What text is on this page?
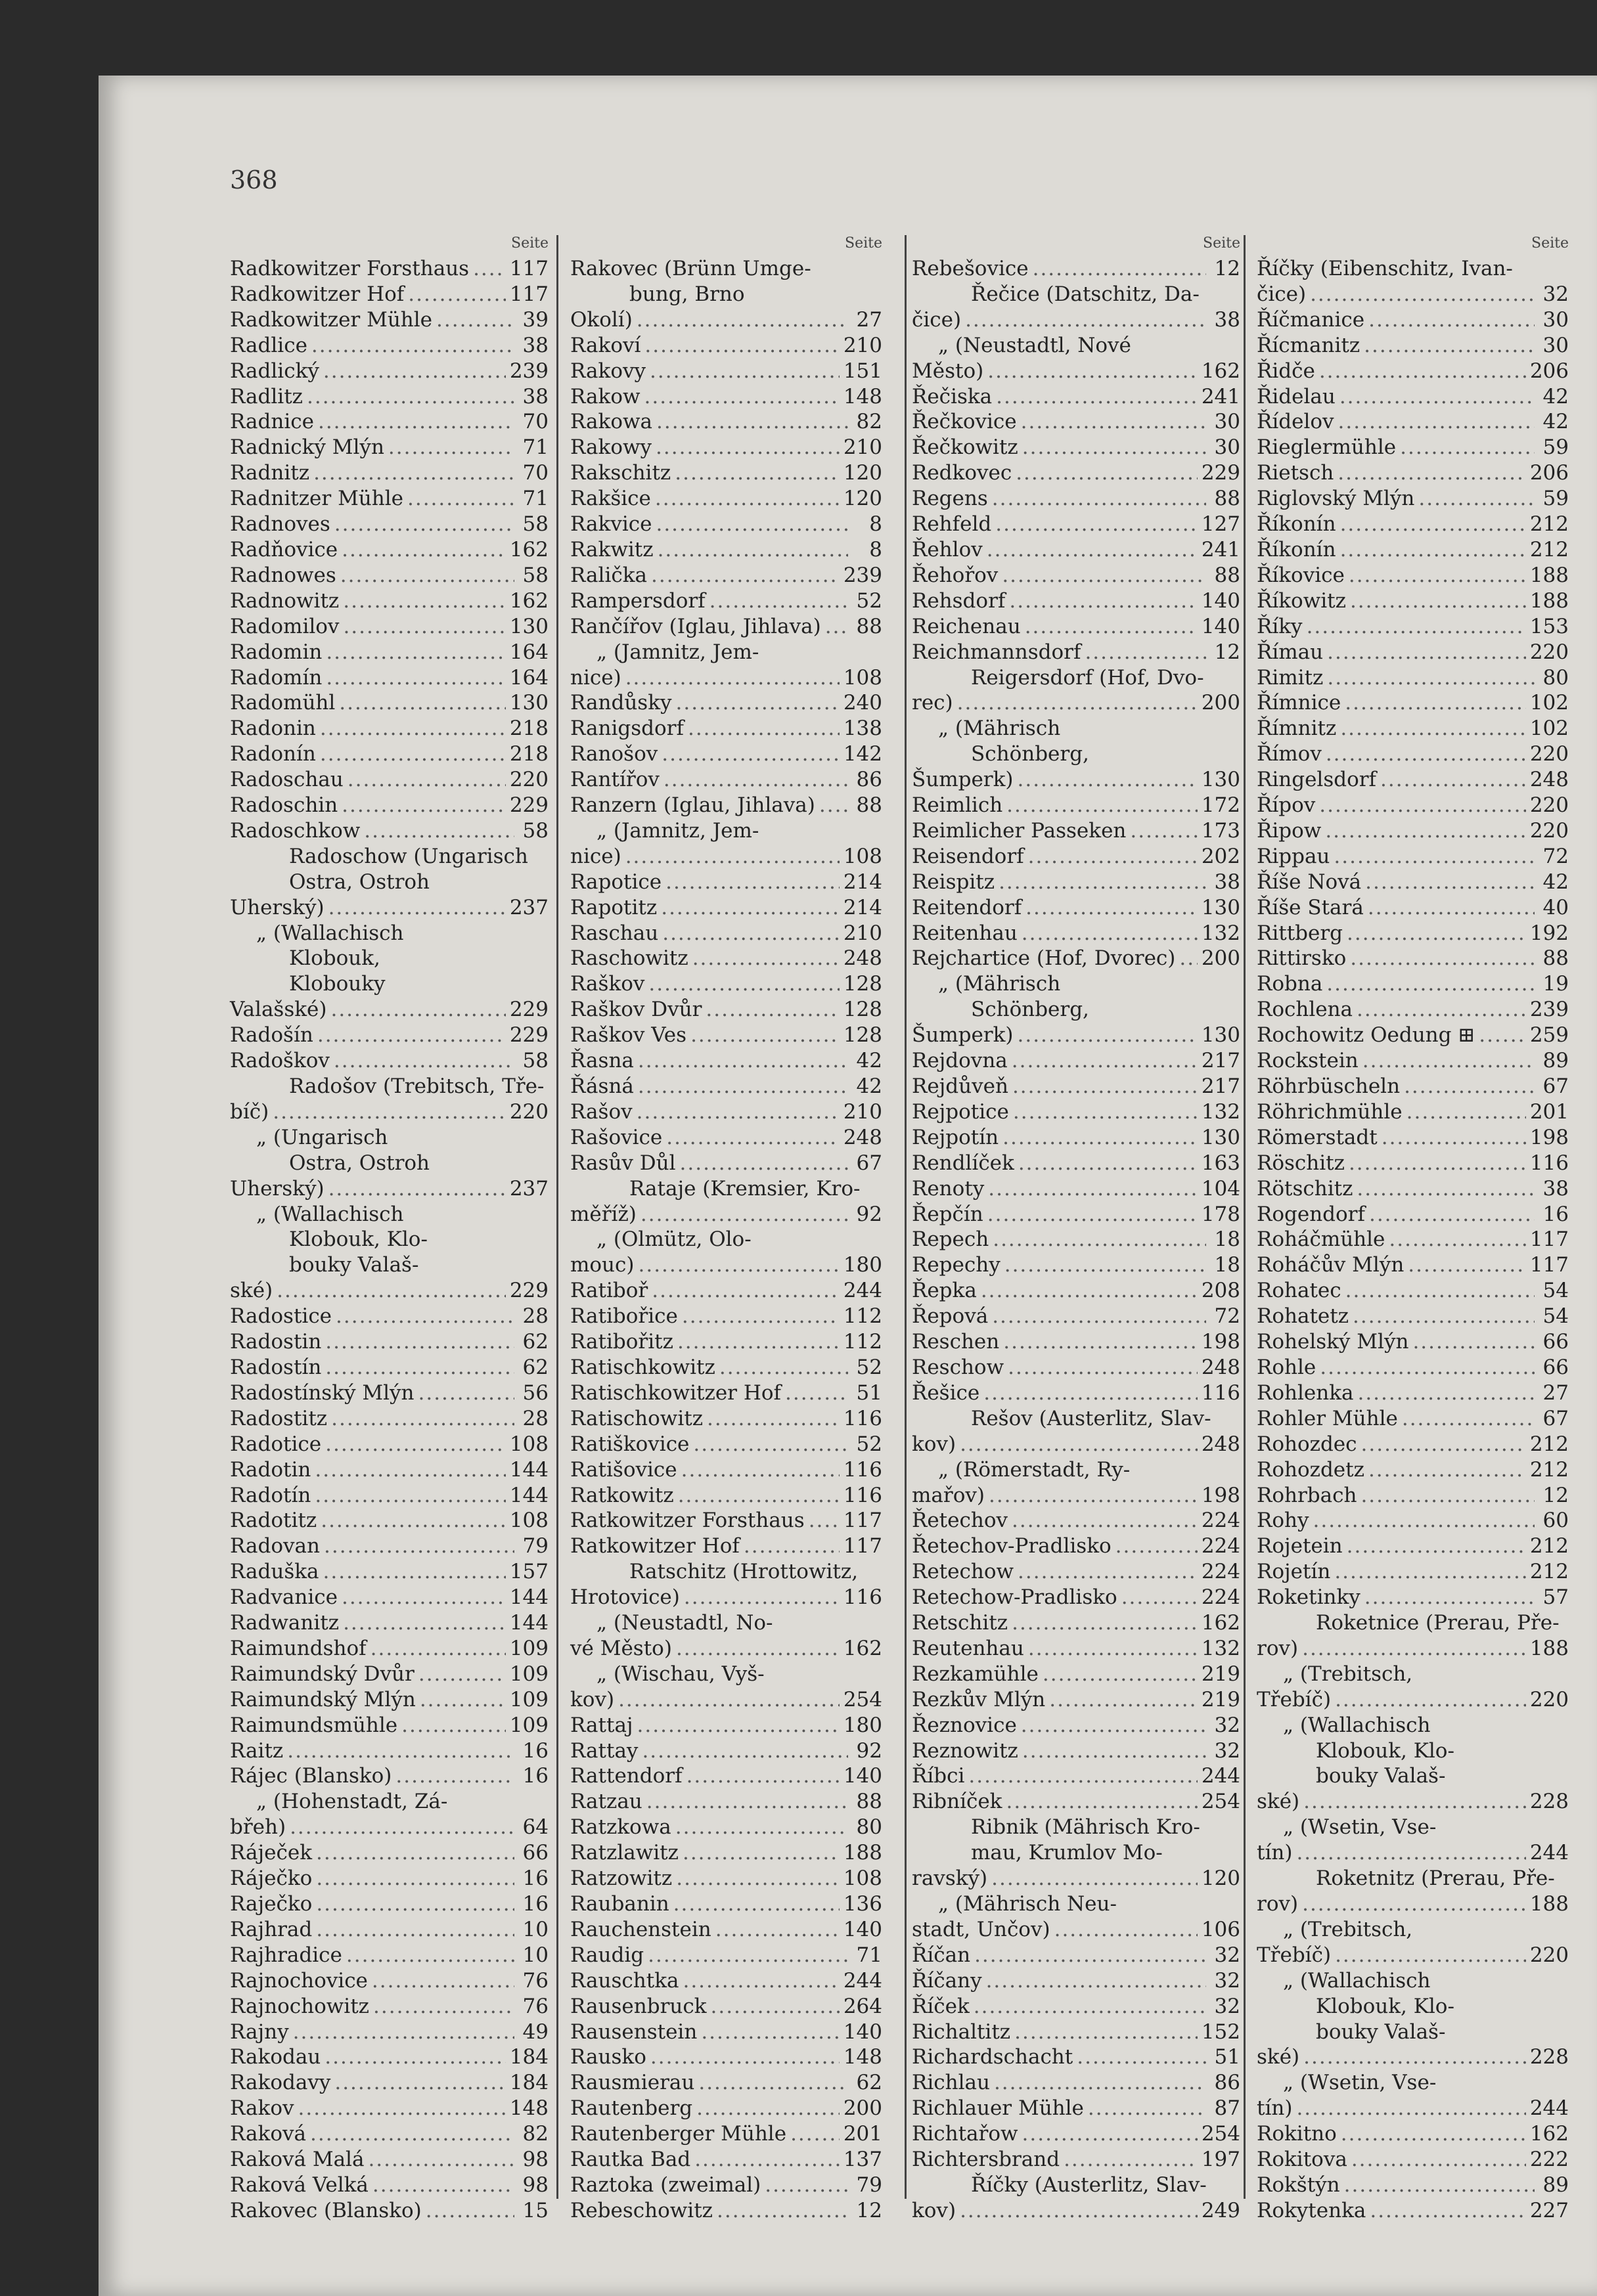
368
Seite
Radkowitzer Forsthaus ..... 117
Radkowitzer Hof .....	117
Radkowitzer Mühle .....	39
Radlice .....	38
Radlický .....	239
Radlitz .....	38
Radnice .....	70
Radnický Mlýn .....	71
Radnitz .....	70
Radnitzer Mühle .....	71
Radnoves .....	58
Radňovice .....	162
Radnowes .....	58
Radnowitz .....	162
Radomilov .....	130
Radomin .....	164
Radomín .....	164
Radomühl .....	130
Radonin .....	218
Radonín .....	218
Radoschau .....	220
Radoschin .....	229
Radoschkow .....	58
Radoschow (Ungarisch
Ostra, Ostroh
Uherský) .....	237
„ (Wallachisch
Klobouk,
Klobouky
Valašské) .....	229
Radošín .....	229
Radoškov .....	58
Radošov (Trebitsch, Tře-
bíč) .....	220
„ (Ungarisch
Ostra, Ostroh
Uherský) .....	237
„ (Wallachisch
Klobouk, Klo-
bouky Valaš-
ské) .....	229
Radostice .....	28
Radostin .....	62
Radostín .....	62
Radostínský Mlýn .....	56
Radostitz .....	28
Radotice .....	108
Radotin .....	144
Radotín .....	144
Radotitz .....	108
Radovan .....	79
Raduška .....	157
Radvanice .....	144
Radwanitz .....	144
Raimundshof .....	109
Raimundský Dvůr .....	109
Raimundský Mlýn .....	109
Raimundsmühle .....	109
Raitz .....	16
Rájec (Blansko) .....	16
„ (Hohenstadt, Zá-
břeh) .....	64
Ráječek .....	66
Ráječko .....	16
Raječko .....	16
Rajhrad .....	10
Rajhradice .....	10
Rajnochovice .....	76
Rajnochowitz .....	76
Rajny .....	49
Rakodau .....	184
Rakodavy .....	184
Rakov .....	148
Raková .....	82
Raková Malá .....	98
Raková Velká .....	98
Rakovec (Blansko) .....	15
Seite
Rakovec (Brünn Umge-
bung, Brno
Okolí) .....	27
Rakoví .....	210
Rakovy .....	151
Rakow .....	148
Rakowa .....	82
Rakowy .....	210
Rakschitz .....	120
Rakšice .....	120
Rakvice .....	8
Rakwitz .....	8
Ralička .....	239
Rampersdorf .....	52
Rančířov (Iglau, Jihlava) ..... 88
„ (Jamnitz, Jem-
nice) .....	108
Randůsky .....	240
Ranigsdorf .....	138
Ranošov .....	142
Rantířov .....	86
Ranzern (Iglau, Jihlava) ..... 88
„ (Jamnitz, Jem-
nice) .....	108
Rapotice .....	214
Rapotitz .....	214
Raschau .....	210
Raschowitz .....	248
Raškov .....	128
Raškov Dvůr .....	128
Raškov Ves .....	128
Řasna .....	42
Řásná .....	42
Rašov .....	210
Rašovice .....	248
Rasův Důl .....	67
Rataje (Kremsier, Kro-
měříž) .....	92
„ (Olmütz, Olo-
mouc) .....	180
Ratiboř .....	244
Ratibořice .....	112
Ratibořitz .....	112
Ratischkowitz .....	52
Ratischkowitzer Hof .....	51
Ratischowitz .....	116
Ratiškovice .....	52
Ratišovice .....	116
Ratkowitz .....	116
Ratkowitzer Forsthaus ..... 117
Ratkowitzer Hof .....	117
Ratschitz (Hrottowitz,
Hrotovice) .....	116
„ (Neustadtl, No-
vé Město) .....	162
„ (Wischau, Vyš-
kov) .....	254
Rattaj .....	180
Rattay .....	92
Rattendorf .....	140
Ratzau .....	88
Ratzkowa .....	80
Ratzlawitz .....	188
Ratzowitz .....	108
Raubanin .....	136
Rauchenstein .....	140
Raudig .....	71
Rauschtka .....	244
Rausenbruck .....	264
Rausenstein .....	140
Rausko .....	148
Rausmierau .....	62
Rautenberg .....	200
Rautenberger Mühle .....	201
Rautka Bad .....	137
Raztoka (zweimal) .....	79
Rebeschowitz .....	12
Seite
Rebešovice .....	12
Řečice (Datschitz, Da-
čice) .....	38
„ (Neustadtl, Nové
Město) .....	162
Řečiska .....	241
Řečkovice .....	30
Řečkowitz .....	30
Redkovec .....	229
Regens .....	88
Rehfeld .....	127
Řehlov .....	241
Řehořov .....	88
Rehsdorf .....	140
Reichenau .....	140
Reichmannsdorf .....	12
Reigersdorf (Hof, Dvo-
rec) .....	200
„ (Mährisch
Schönberg,
Šumperk) .....	130
Reimlich .....	172
Reimlicher Passeken .....	173
Reisendorf .....	202
Reispitz .....	38
Reitendorf .....	130
Reitenhau .....	132
Rejchartice (Hof, Dvorec) ..... 200
„ (Mährisch
Schönberg,
Šumperk) .....	130
Rejdovna .....	217
Rejdůveň .....	217
Rejpotice .....	132
Rejpotín .....	130
Rendlíček .....	163
Renoty .....	104
Řepčín .....	178
Repech .....	18
Repechy .....	18
Řepka .....	208
Řepová .....	72
Reschen .....	198
Reschow .....	248
Řešice .....	116
Rešov (Austerlitz, Slav-
kov) .....	248
„ (Römerstadt, Ry-
mařov) .....	198
Řetechov .....	224
Řetechov-Pradlisko .....	224
Retechow .....	224
Retechow-Pradlisko .....	224
Retschitz .....	162
Reutenhau .....	132
Rezkamühle .....	219
Rezkův Mlýn .....	219
Řeznovice .....	32
Reznowitz .....	32
Říbci .....	244
Ribníček .....	254
Ribnik (Mährisch Kro-
mau, Krumlov Mo-
ravský) .....	120
„ (Mährisch Neu-
stadt, Unčov) .....	106
Říčan .....	32
Říčany .....	32
Říček .....	32
Richaltitz .....	152
Richardschacht .....	51
Richlau .....	86
Richlauer Mühle .....	87
Richtařow .....	254
Richtersbrand .....	197
Říčky (Austerlitz, Slav-
kov) .....	249
Seite
Říčky (Eibenschitz, Ivan-
čice) .....	32
Říčmanice .....	30
Řícmanitz .....	30
Řidče .....	206
Řidelau .....	42
Řídelov .....	42
Rieglermühle .....	59
Rietsch .....	206
Riglovský Mlýn .....	59
Říkonín .....	212
Říkonín .....	212
Říkovice .....	188
Říkowitz .....	188
Říky .....	153
Římau .....	220
Rimitz .....	80
Římnice .....	102
Římnitz .....	102
Římov .....	220
Ringelsdorf .....	248
Řípov .....	220
Řipow .....	220
Rippau .....	72
Říše Nová .....	42
Říše Stará .....	40
Rittberg .....	192
Rittirsko .....	88
Robna .....	19
Rochlena .....	239
Rochowitz Oedung ⊞ .....	259
Rockstein .....	89
Röhrbüscheln .....	67
Röhrichmühle .....	201
Römerstadt .....	198
Röschitz .....	116
Rötschitz .....	38
Rogendorf .....	16
Roháčmühle .....	117
Roháčův Mlýn .....	117
Rohatec .....	54
Rohatetz .....	54
Rohelský Mlýn .....	66
Rohle .....	66
Rohlenka .....	27
Rohler Mühle .....	67
Rohozdec .....	212
Rohozdetz .....	212
Rohrbach .....	12
Rohy .....	60
Rojetein .....	212
Rojetín .....	212
Roketinky .....	57
Roketnice (Prerau, Pře-
rov) .....	188
„ (Trebitsch,
Třebíč) .....	220
„ (Wallachisch
Klobouk, Klo-
bouky Valaš-
ské) .....	228
„ (Wsetin, Vse-
tín) .....	244
Roketnitz (Prerau, Pře-
rov) .....	188
„ (Trebitsch,
Třebíč) .....	220
„ (Wallachisch
Klobouk, Klo-
bouky Valaš-
ské) .....	228
„ (Wsetin, Vse-
tín) .....	244
Rokitno .....	162
Rokitova .....	222
Rokštýn .....	89
Rokytenka .....	227
